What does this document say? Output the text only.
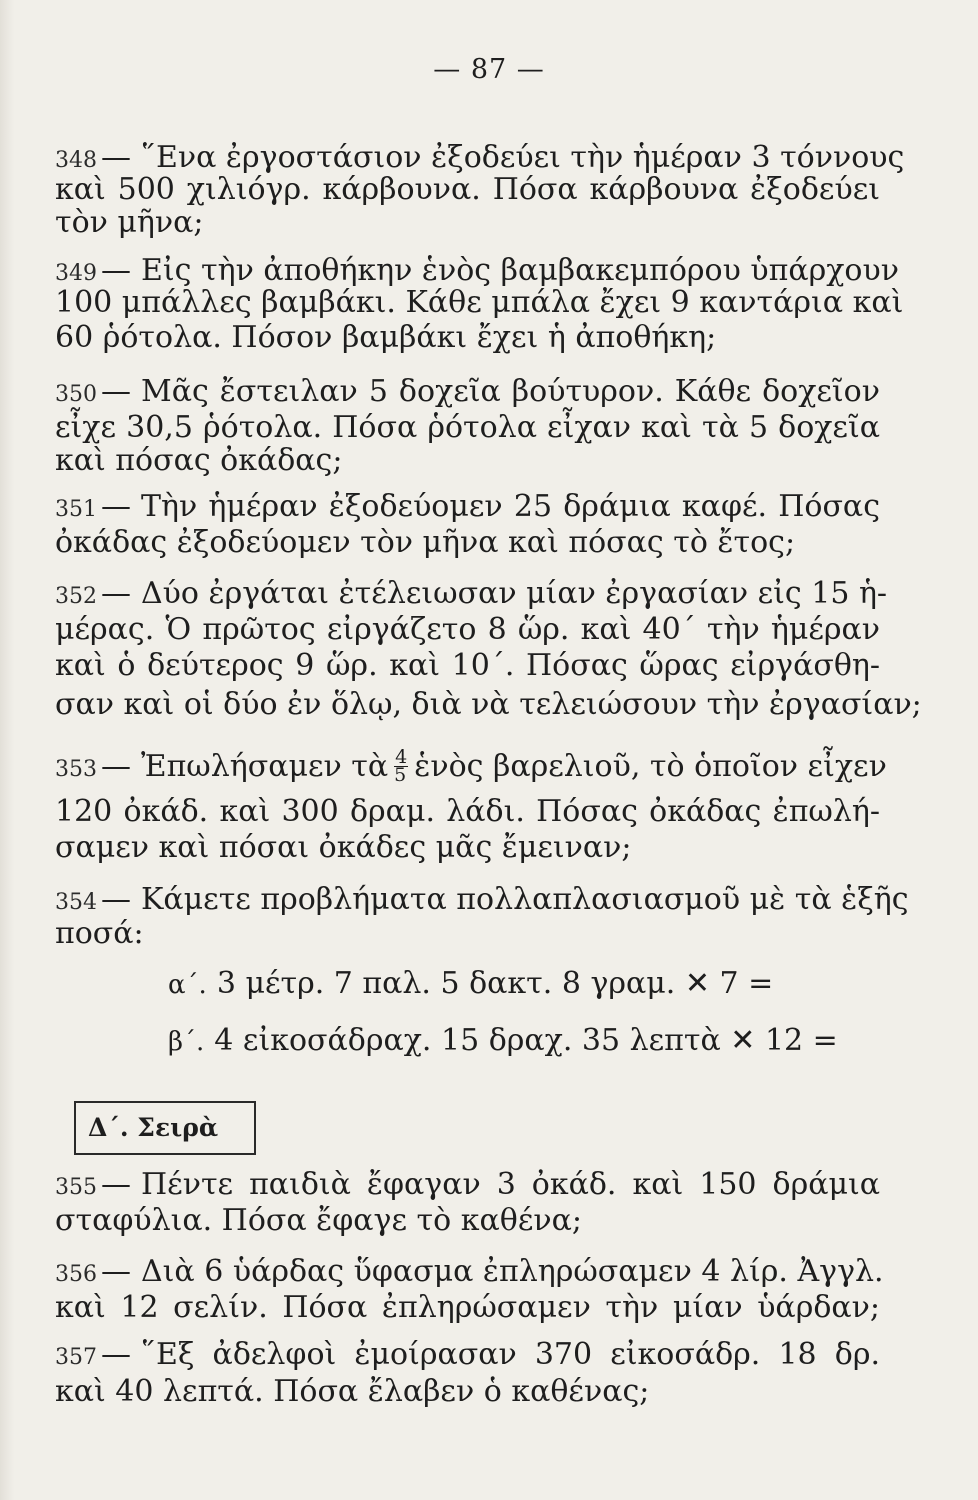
— 87 —
348 — ῞Ενα ἐργοστάσιον ἐξοδεύει τὴν ἡμέραν 3 τόννους
καὶ 500 χιλιόγρ. κάρβουνα. Πόσα κάρβουνα ἐξοδεύει
τὸν μῆνα;
349 — Εἰς τὴν ἀποθήκην ἑνὸς βαμβακεμπόρου ὑπάρχουν
100 μπάλλες βαμβάκι. Κάθε μπάλα ἔχει 9 καντάρια καὶ
60 ῥότολα. Πόσον βαμβάκι ἔχει ἡ ἀποθήκη;
350 — Μᾶς ἔστειλαν 5 δοχεῖα βούτυρον. Κάθε δοχεῖον
εἶχε 30,5 ῥότολα. Πόσα ῥότολα εἶχαν καὶ τὰ 5 δοχεῖα
καὶ πόσας ὀκάδας;
351 — Τὴν ἡμέραν ἐξοδεύομεν 25 δράμια καφέ. Πόσας
ὀκάδας ἐξοδεύομεν τὸν μῆνα καὶ πόσας τὸ ἔτος;
352 — Δύο ἐργάται ἐτέλειωσαν μίαν ἐργασίαν εἰς 15 ἡ-
μέρας. Ὁ πρῶτος εἰργάζετο 8 ὥρ. καὶ 40΄ τὴν ἡμέραν
καὶ ὁ δεύτερος 9 ὥρ. καὶ 10΄. Πόσας ὥρας εἰργάσθη-
σαν καὶ οἱ δύο ἐν ὅλῳ, διὰ νὰ τελειώσουν τὴν ἐργασίαν;
353 — Ἐπωλήσαμεν τὰ $\frac{4}{5}$ ἑνὸς βαρελιοῦ, τὸ ὁποῖον εἶχεν
120 ὀκάδ. καὶ 300 δραμ. λάδι. Πόσας ὀκάδας ἐπωλή-
σαμεν καὶ πόσαι ὀκάδες μᾶς ἔμειναν;
354 — Κάμετε προβλήματα πολλαπλασιασμοῦ μὲ τὰ ἑξῆς
ποσά:
α΄. 3 μέτρ. 7 παλ. 5 δακτ. 8 γραμ. ✕ 7 =
β΄. 4 εἰκοσάδραχ. 15 δραχ. 35 λεπτὰ ✕ 12 =
Δ΄. Σειρὰ
355 — Πέντε παιδιὰ ἔφαγαν 3 ὀκάδ. καὶ 150 δράμια
σταφύλια. Πόσα ἔφαγε τὸ καθένα;
356 — Διὰ 6 ὑάρδας ὕφασμα ἐπληρώσαμεν 4 λίρ. Ἀγγλ.
καὶ 12 σελίν. Πόσα ἐπληρώσαμεν τὴν μίαν ὑάρδαν;
357 — ῞Εξ ἀδελφοὶ ἐμοίρασαν 370 εἰκοσάδρ. 18 δρ.
καὶ 40 λεπτά. Πόσα ἔλαβεν ὁ καθένας;
